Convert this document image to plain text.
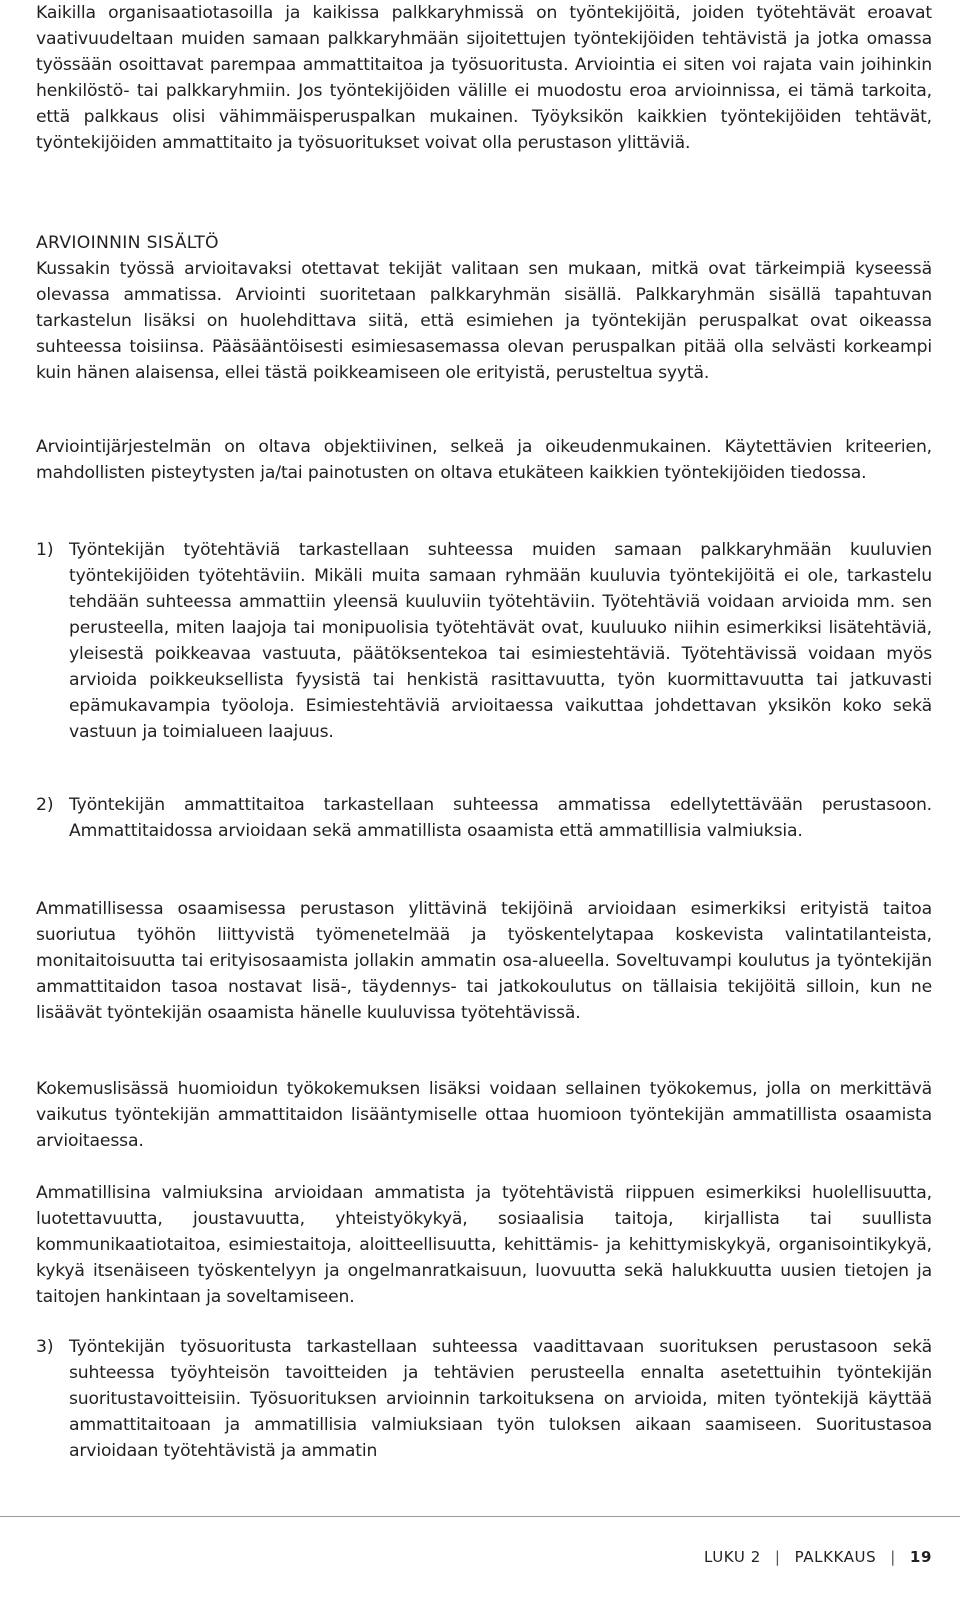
Kaikilla organisaatiotasoilla ja kaikissa palkkaryhmissä on työntekijöitä, joiden työtehtävät eroavat vaativuudeltaan muiden samaan palkkaryhmään sijoitettujen työntekijöiden tehtävistä ja jotka omassa työssään osoittavat parempaa ammattitaitoa ja työsuoritusta. Arviointia ei siten voi rajata vain joihinkin henkilöstö- tai palkkaryhmiin. Jos työntekijöiden välille ei muodostu eroa arvioinnissa, ei tämä tarkoita, että palkkaus olisi vähimmäisperuspalkan mukainen. Työyksikön kaikkien työntekijöiden tehtävät, työntekijöiden ammattitaito ja työsuoritukset voivat olla perustason ylittäviä.

ARVIOINNIN SISÄLTÖ

Kussakin työssä arvioitavaksi otettavat tekijät valitaan sen mukaan, mitkä ovat tärkeimpiä kyseessä olevassa ammatissa. Arviointi suoritetaan palkkaryhmän sisällä. Palkkaryhmän sisällä tapahtuvan tarkastelun lisäksi on huolehdittava siitä, että esimiehen ja työntekijän peruspalkat ovat oikeassa suhteessa toisiinsa. Pääsääntöisesti esimiesasemassa olevan peruspalkan pitää olla selvästi korkeampi kuin hänen alaisensa, ellei tästä poikkeamiseen ole erityistä, perusteltua syytä.

Arviointijärjestelmän on oltava objektiivinen, selkeä ja oikeudenmukainen. Käytettävien kriteerien, mahdollisten pisteytysten ja/tai painotusten on oltava etukäteen kaikkien työntekijöiden tiedossa.

1) Työntekijän työtehtäviä tarkastellaan suhteessa muiden samaan palkkaryhmään kuuluvien työntekijöiden työtehtäviin. Mikäli muita samaan ryhmään kuuluvia työntekijöitä ei ole, tarkastelu tehdään suhteessa ammattiin yleensä kuuluviin työtehtäviin. Työtehtäviä voidaan arvioida mm. sen perusteella, miten laajoja tai monipuolisia työtehtävät ovat, kuuluuko niihin esimerkiksi lisätehtäviä, yleisestä poikkeavaa vastuuta, päätöksentekoa tai esimiestehtäviä. Työtehtävissä voidaan myös arvioida poikkeuksellista fyysistä tai henkistä rasittavuutta, työn kuormittavuutta tai jatkuvasti epämukavampia työoloja. Esimiestehtäviä arvioitaessa vaikuttaa johdettavan yksikön koko sekä vastuun ja toimialueen laajuus.

2) Työntekijän ammattitaitoa tarkastellaan suhteessa ammatissa edellytettävään perustasoon. Ammattitaidossa arvioidaan sekä ammatillista osaamista että ammatillisia valmiuksia.

Ammatillisessa osaamisessa perustason ylittävinä tekijöinä arvioidaan esimerkiksi erityistä taitoa suoriutua työhön liittyvistä työmenetelmää ja työskentelytapaa koskevista valintatilanteista, monitaitoisuutta tai erityisosaamista jollakin ammatin osa-alueella. Soveltuvampi koulutus ja työntekijän ammattitaidon tasoa nostavat lisä-, täydennys- tai jatkokoulutus on tällaisia tekijöitä silloin, kun ne lisäävät työntekijän osaamista hänelle kuuluvissa työtehtävissä.

Kokemuslisässä huomioidun työkokemuksen lisäksi voidaan sellainen työkokemus, jolla on merkittävä vaikutus työntekijän ammattitaidon lisääntymiselle ottaa huomioon työntekijän ammatillista osaamista arvioitaessa.

Ammatillisina valmiuksina arvioidaan ammatista ja työtehtävistä riippuen esimerkiksi huolellisuutta, luotettavuutta, joustavuutta, yhteistyökykyä, sosiaalisia taitoja, kirjallista tai suullista kommunikaatiotaitoa, esimiestaitoja, aloitteellisuutta, kehittämis- ja kehittymiskykyä, organisointikykyä, kykyä itsenäiseen työskentelyyn ja ongelmanratkaisuun, luovuutta sekä halukkuutta uusien tietojen ja taitojen hankintaan ja soveltamiseen.

3) Työntekijän työsuoritusta tarkastellaan suhteessa vaadittavaan suorituksen perustasoon sekä suhteessa työyhteisön tavoitteiden ja tehtävien perusteella ennalta asetettuihin työntekijän suoritustavoitteisiin. Työsuorituksen arvioinnin tarkoituksena on arvioida, miten työntekijä käyttää ammattitaitoaan ja ammatillisia valmiuksiaan työn tuloksen aikaan saamiseen. Suoritustasoa arvioidaan työtehtävistä ja ammatin

LUKU 2 | PALKKAUS | 19
